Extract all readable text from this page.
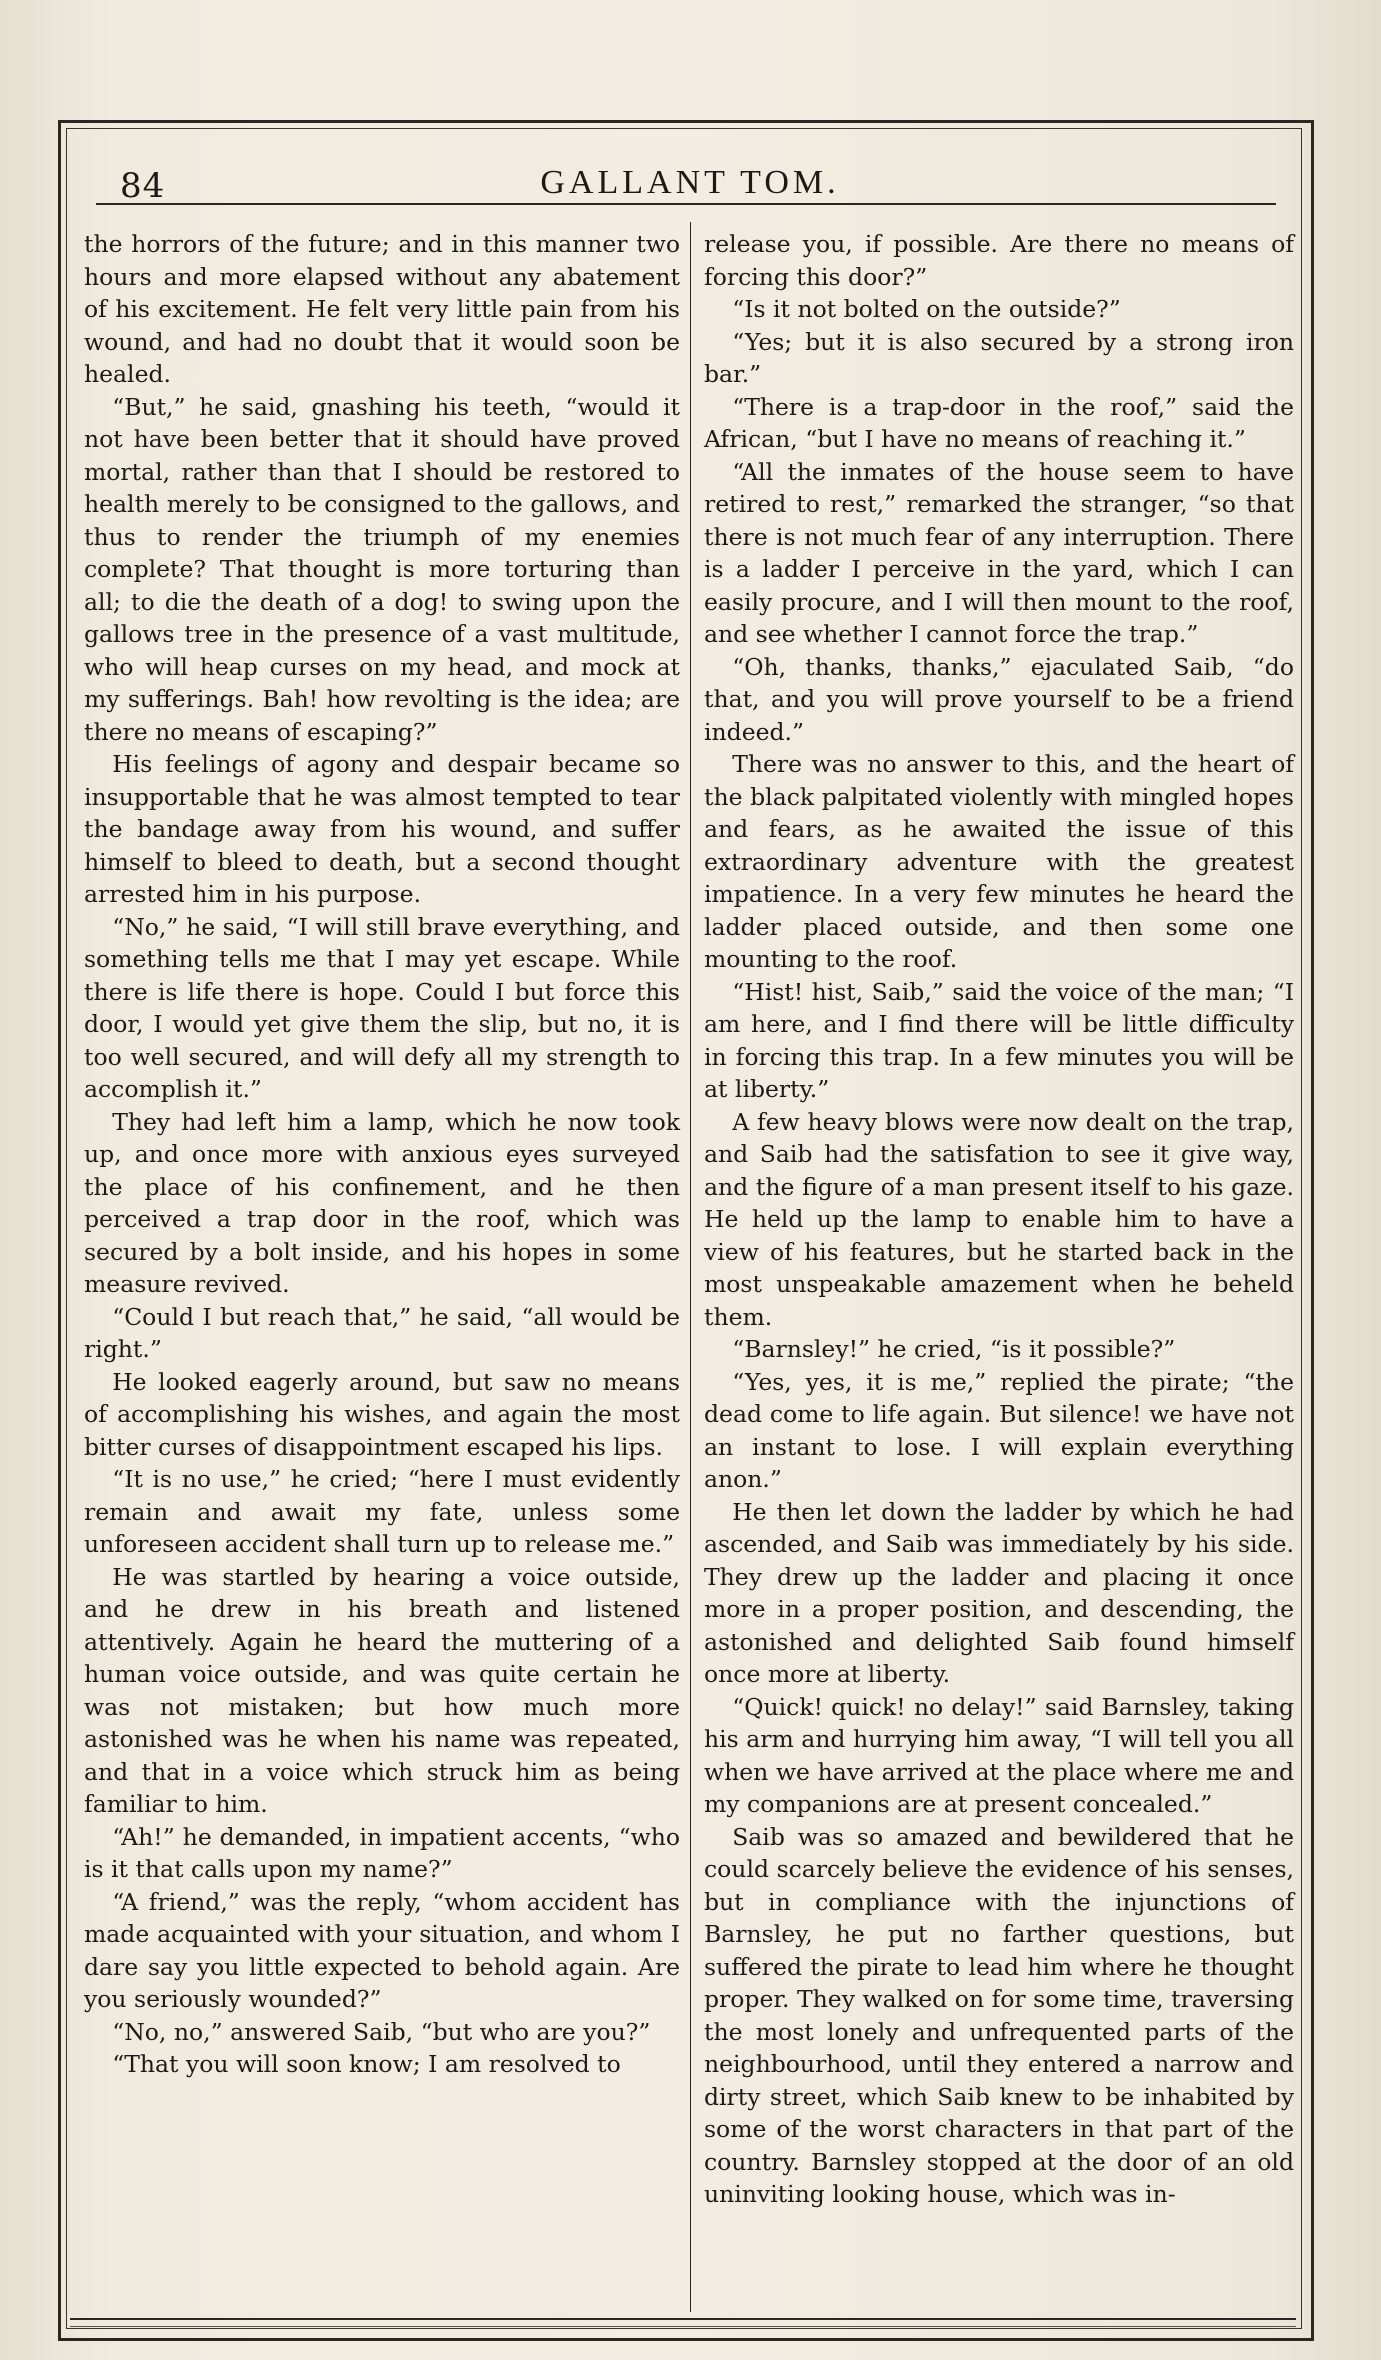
84	GALLANT TOM.

the horrors of the future; and in this manner two hours and more elapsed without any abatement of his excitement. He felt very little pain from his wound, and had no doubt that it would soon be healed.

“But,” he said, gnashing his teeth, “would it not have been better that it should have proved mortal, rather than that I should be restored to health merely to be consigned to the gallows, and thus to render the triumph of my enemies complete? That thought is more torturing than all; to die the death of a dog! to swing upon the gallows tree in the presence of a vast multitude, who will heap curses on my head, and mock at my sufferings. Bah! how revolting is the idea; are there no means of escaping?”

His feelings of agony and despair became so insupportable that he was almost tempted to tear the bandage away from his wound, and suffer himself to bleed to death, but a second thought arrested him in his purpose.

“No,” he said, “I will still brave everything, and something tells me that I may yet escape. While there is life there is hope. Could I but force this door, I would yet give them the slip, but no, it is too well secured, and will defy all my strength to accomplish it.”

They had left him a lamp, which he now took up, and once more with anxious eyes surveyed the place of his confinement, and he then perceived a trap door in the roof, which was secured by a bolt inside, and his hopes in some measure revived.

“Could I but reach that,” he said, “all would be right.”

He looked eagerly around, but saw no means of accomplishing his wishes, and again the most bitter curses of disappointment escaped his lips.

“It is no use,” he cried; “here I must evidently remain and await my fate, unless some unforeseen accident shall turn up to release me.”

He was startled by hearing a voice outside, and he drew in his breath and listened attentively. Again he heard the muttering of a human voice outside, and was quite certain he was not mistaken; but how much more astonished was he when his name was repeated, and that in a voice which struck him as being familiar to him.

“Ah!” he demanded, in impatient accents, “who is it that calls upon my name?”

“A friend,” was the reply, “whom accident has made acquainted with your situation, and whom I dare say you little expected to behold again. Are you seriously wounded?”

“No, no,” answered Saib, “but who are you?”

“That you will soon know; I am resolved to

release you, if possible. Are there no means of forcing this door?”

“Is it not bolted on the outside?”

“Yes; but it is also secured by a strong iron bar.”

“There is a trap-door in the roof,” said the African, “but I have no means of reaching it.”

“All the inmates of the house seem to have retired to rest,” remarked the stranger, “so that there is not much fear of any interruption. There is a ladder I perceive in the yard, which I can easily procure, and I will then mount to the roof, and see whether I cannot force the trap.”

“Oh, thanks, thanks,” ejaculated Saib, “do that, and you will prove yourself to be a friend indeed.”

There was no answer to this, and the heart of the black palpitated violently with mingled hopes and fears, as he awaited the issue of this extraordinary adventure with the greatest impatience. In a very few minutes he heard the ladder placed outside, and then some one mounting to the roof.

“Hist! hist, Saib,” said the voice of the man; “I am here, and I find there will be little difficulty in forcing this trap. In a few minutes you will be at liberty.”

A few heavy blows were now dealt on the trap, and Saib had the satisfation to see it give way, and the figure of a man present itself to his gaze. He held up the lamp to enable him to have a view of his features, but he started back in the most unspeakable amazement when he beheld them.

“Barnsley!” he cried, “is it possible?”

“Yes, yes, it is me,” replied the pirate; “the dead come to life again. But silence! we have not an instant to lose. I will explain everything anon.”

He then let down the ladder by which he had ascended, and Saib was immediately by his side. They drew up the ladder and placing it once more in a proper position, and descending, the astonished and delighted Saib found himself once more at liberty.

“Quick! quick! no delay!” said Barnsley, taking his arm and hurrying him away, “I will tell you all when we have arrived at the place where me and my companions are at present concealed.”

Saib was so amazed and bewildered that he could scarcely believe the evidence of his senses, but in compliance with the injunctions of Barnsley, he put no farther questions, but suffered the pirate to lead him where he thought proper. They walked on for some time, traversing the most lonely and unfrequented parts of the neighbourhood, until they entered a narrow and dirty street, which Saib knew to be inhabited by some of the worst characters in that part of the country. Barnsley stopped at the door of an old uninviting looking house, which was in-
